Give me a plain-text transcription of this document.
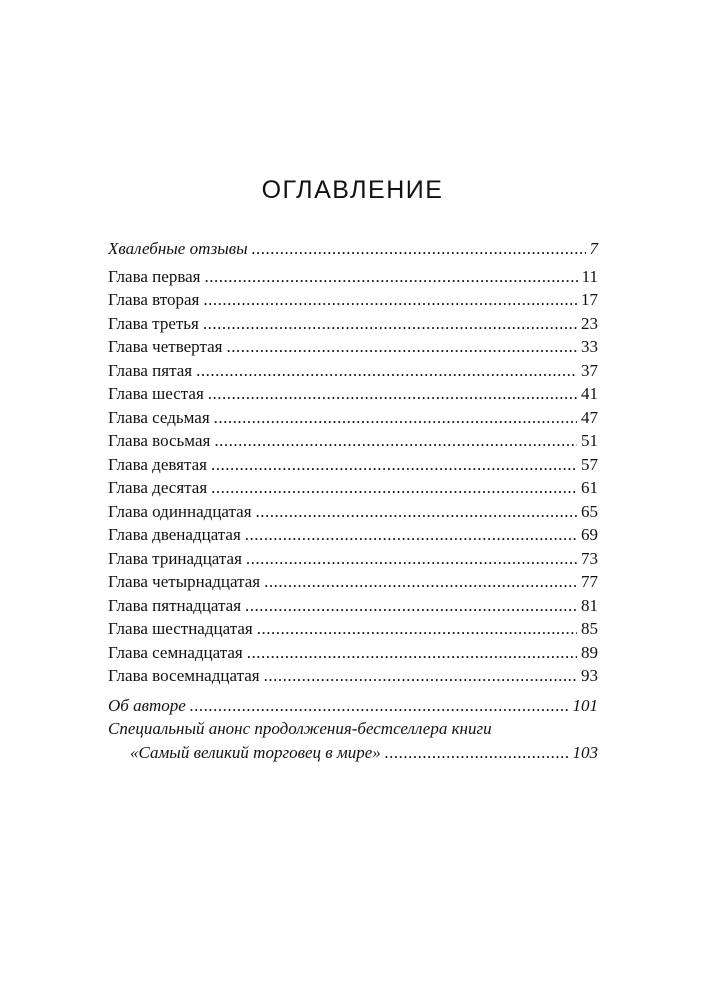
ОГЛАВЛЕНИЕ
Хвалебные отзывы .....	7
Глава первая .....	11
Глава вторая .....	17
Глава третья .....	23
Глава четвертая .....	33
Глава пятая .....	37
Глава шестая .....	41
Глава седьмая .....	47
Глава восьмая .....	51
Глава девятая .....	57
Глава десятая .....	61
Глава одиннадцатая .....	65
Глава двенадцатая .....	69
Глава тринадцатая .....	73
Глава четырнадцатая .....	77
Глава пятнадцатая .....	81
Глава шестнадцатая .....	85
Глава семнадцатая .....	89
Глава восемнадцатая .....	93
Об авторе .....	101
Специальный анонс продолжения-бестселлера книги
«Самый великий торговец в мире» .....	103
